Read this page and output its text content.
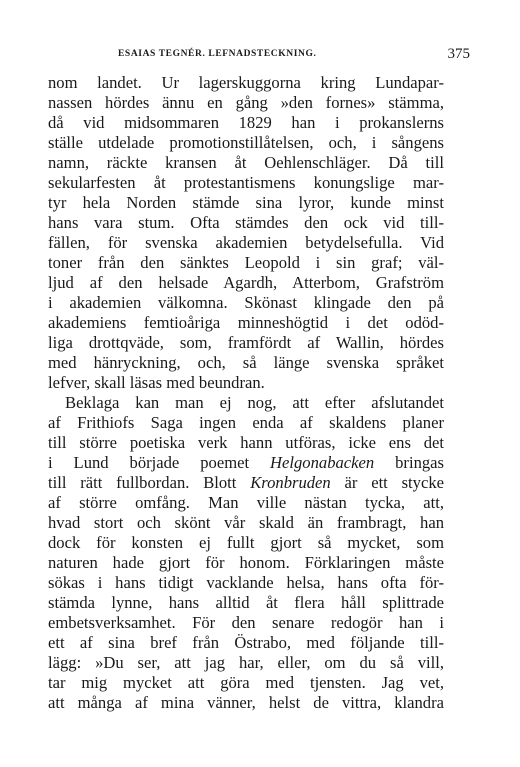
ESAIAS TEGNÉR. LEFNADSTECKNING.	375
nom landet. Ur lagerskuggorna kring Lundapar-
nassen hördes ännu en gång »den fornes» stämma,
då vid midsommaren 1829 han i prokanslerns
ställe utdelade promotionstillåtelsen, och, i sångens
namn, räckte kransen åt Oehlenschläger. Då till
sekularfesten åt protestantismens konungslige mar-
tyr hela Norden stämde sina lyror, kunde minst
hans vara stum. Ofta stämdes den ock vid till-
fällen, för svenska akademien betydelsefulla. Vid
toner från den sänktes Leopold i sin graf; väl-
ljud af den helsade Agardh, Atterbom, Grafström
i akademien välkomna. Skönast klingade den på
akademiens femtioåriga minneshögtid i det odöd-
liga drottqväde, som, framfördt af Wallin, hördes
med hänryckning, och, så länge svenska språket
lefver, skall läsas med beundran.
Beklaga kan man ej nog, att efter afslutandet
af Frithiofs Saga ingen enda af skaldens planer
till större poetiska verk hann utföras, icke ens det
i Lund började poemet Helgonabacken bringas
till rätt fullbordan. Blott Kronbruden är ett stycke
af större omfång. Man ville nästan tycka, att,
hvad stort och skönt vår skald än frambragt, han
dock för konsten ej fullt gjort så mycket, som
naturen hade gjort för honom. Förklaringen måste
sökas i hans tidigt vacklande helsa, hans ofta för-
stämda lynne, hans alltid åt flera håll splittrade
embetsverksamhet. För den senare redogör han i
ett af sina bref från Östrabo, med följande till-
lägg: »Du ser, att jag har, eller, om du så vill,
tar mig mycket att göra med tjensten. Jag vet,
att många af mina vänner, helst de vittra, klandra
